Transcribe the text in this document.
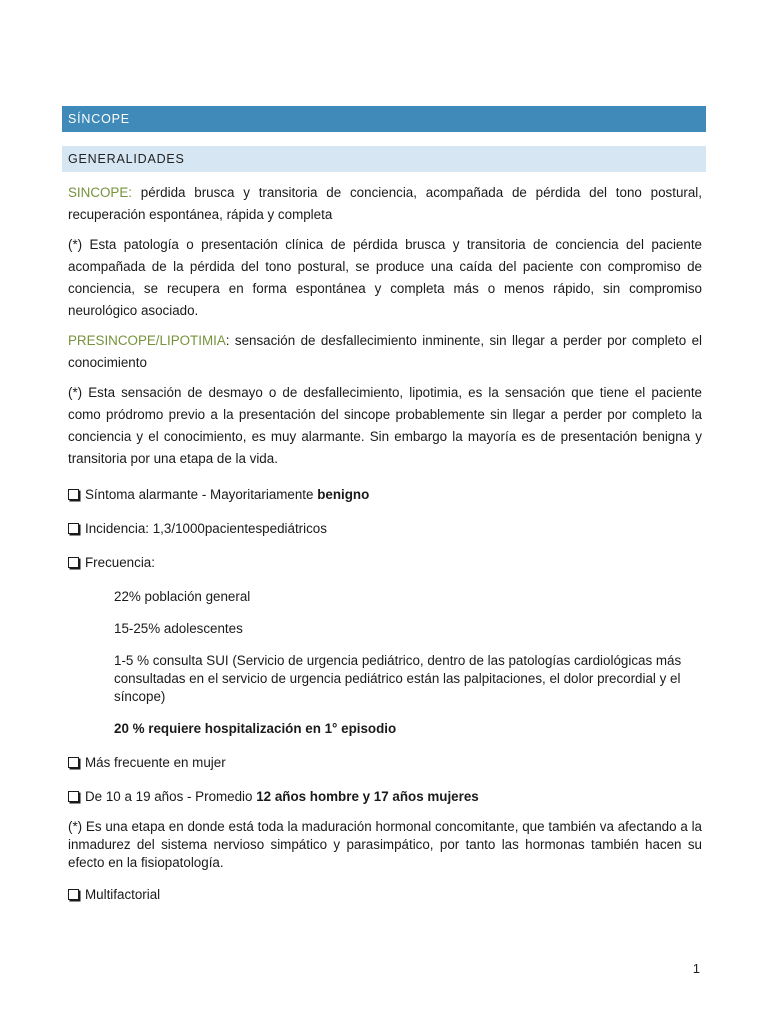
SÍNCOPE
GENERALIDADES

SINCOPE: pérdida brusca y transitoria de conciencia, acompañada de pérdida del tono postural, recuperación espontánea, rápida y completa

(*) Esta patología o presentación clínica de pérdida brusca y transitoria de conciencia del paciente acompañada de la pérdida del tono postural, se produce una caída del paciente con compromiso de conciencia, se recupera en forma espontánea y completa más o menos rápido, sin compromiso neurológico asociado.

PRESINCOPE/LIPOTIMIA: sensación de desfallecimiento inminente, sin llegar a perder por completo el conocimiento

(*) Esta sensación de desmayo o de desfallecimiento, lipotimia, es la sensación que tiene el paciente como pródromo previo a la presentación del sincope probablemente sin llegar a perder por completo la conciencia y el conocimiento, es muy alarmante. Sin embargo la mayoría es de presentación benigna y transitoria por una etapa de la vida.

Síntoma alarmante - Mayoritariamente benigno

Incidencia: 1,3/1000pacientespediátricos

Frecuencia:

22% población general

15-25% adolescentes

1-5 % consulta SUI (Servicio de urgencia pediátrico, dentro de las patologías cardiológicas más consultadas en el servicio de urgencia pediátrico están las palpitaciones, el dolor precordial y el síncope)

20 % requiere hospitalización en 1° episodio

Más frecuente en mujer

De 10 a 19 años - Promedio 12 años hombre y 17 años mujeres

(*) Es una etapa en donde está toda la maduración hormonal concomitante, que también va afectando a la inmadurez del sistema nervioso simpático y parasimpático, por tanto las hormonas también hacen su efecto en la fisiopatología.

Multifactorial

1
